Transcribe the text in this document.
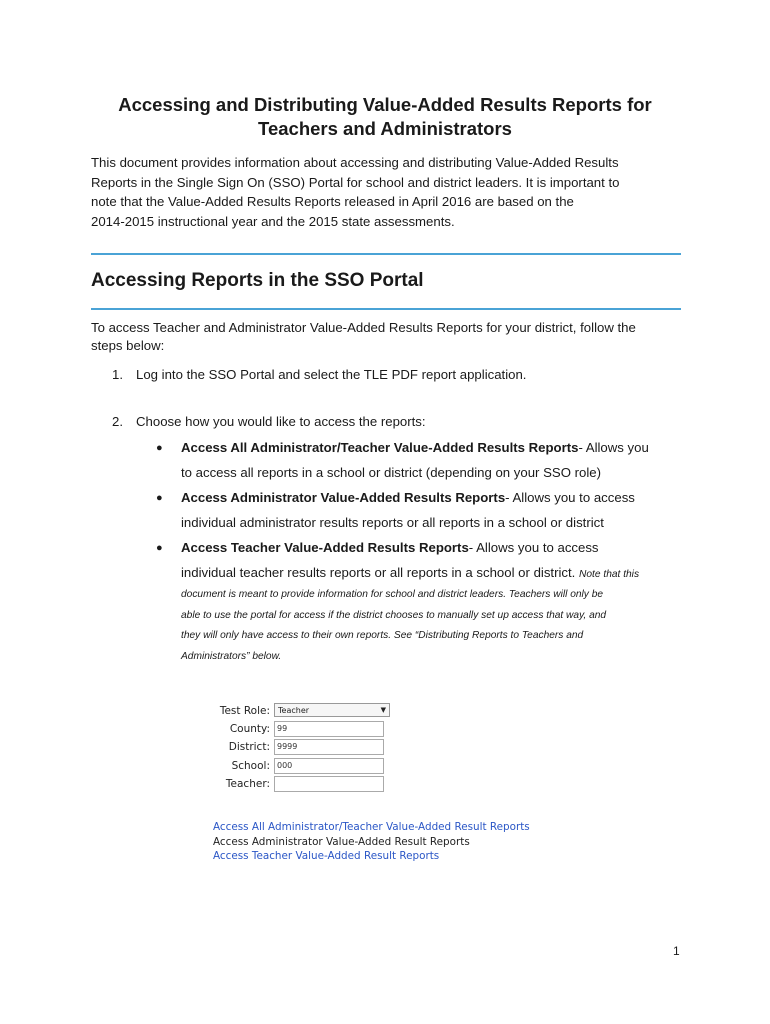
Accessing and Distributing Value-Added Results Reports for
Teachers and Administrators
This document provides information about accessing and distributing Value-Added Results
Reports in the Single Sign On (SSO) Portal for school and district leaders. It is important to
note that the Value-Added Results Reports released in April 2016 are based on the
2014-2015 instructional year and the 2015 state assessments.
Accessing Reports in the SSO Portal
To access Teacher and Administrator Value-Added Results Reports for your district, follow the
steps below:
1. Log into the SSO Portal and select the TLE PDF report application.
2. Choose how you would like to access the reports:
● Access All Administrator/Teacher Value-Added Results Reports- Allows you
to access all reports in a school or district (depending on your SSO role)
● Access Administrator Value-Added Results Reports- Allows you to access
individual administrator results reports or all reports in a school or district
● Access Teacher Value-Added Results Reports- Allows you to access
individual teacher results reports or all reports in a school or district. Note that this
document is meant to provide information for school and district leaders. Teachers will only be
able to use the portal for access if the district chooses to manually set up access that way, and
they will only have access to their own reports. See “Distributing Reports to Teachers and
Administrators” below.
Test Role:	Teacher	▼
County: 99
District: 9999
School: 000
Teacher:
Access All Administrator/Teacher Value-Added Result Reports
Access Administrator Value-Added Result Reports
Access Teacher Value-Added Result Reports
1
